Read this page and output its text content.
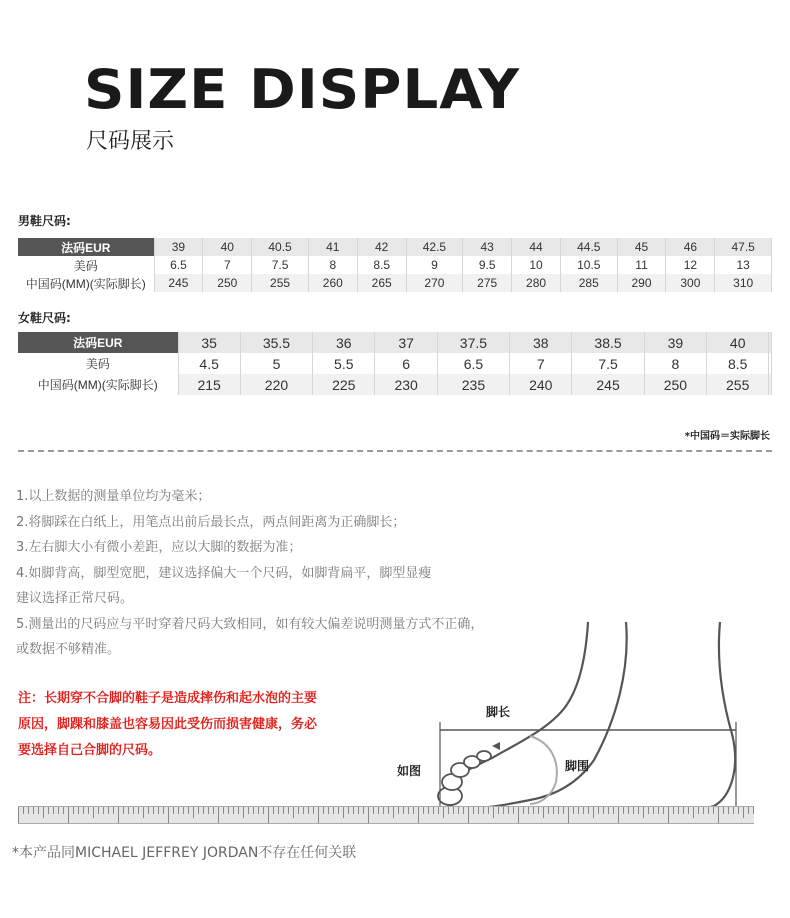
SIZE DISPLAY
尺码展示
男鞋尺码:
法码EUR	39	40	40.5	41	42	42.5	43	44	44.5	45	46	47.5
美码	6.5	7	7.5	8	8.5	9	9.5	10	10.5	11	12	13
中国码(MM)(实际脚长)	245	250	255	260	265	270	275	280	285	290	300	310
女鞋尺码:
法码EUR	35	35.5	36	37	37.5	38	38.5	39	40	
美码	4.5	5	5.5	6	6.5	7	7.5	8	8.5	
中国码(MM)(实际脚长)	215	220	225	230	235	240	245	250	255	
*中国码＝实际脚长
1.以上数据的测量单位均为毫米；
2.将脚踩在白纸上，用笔点出前后最长点，两点间距离为正确脚长；
3.左右脚大小有微小差距，应以大脚的数据为准；
4.如脚背高，脚型宽肥，建议选择偏大一个尺码，如脚背扁平，脚型显瘦
建议选择正常尺码。
5.测量出的尺码应与平时穿着尺码大致相同，如有较大偏差说明测量方式不正确，
或数据不够精准。
注：长期穿不合脚的鞋子是造成摔伤和起水泡的主要
原因，脚踝和膝盖也容易因此受伤而损害健康，务必
要选择自己合脚的尺码。
脚长
脚围
如图
*本产品同MICHAEL JEFFREY JORDAN不存在任何关联
